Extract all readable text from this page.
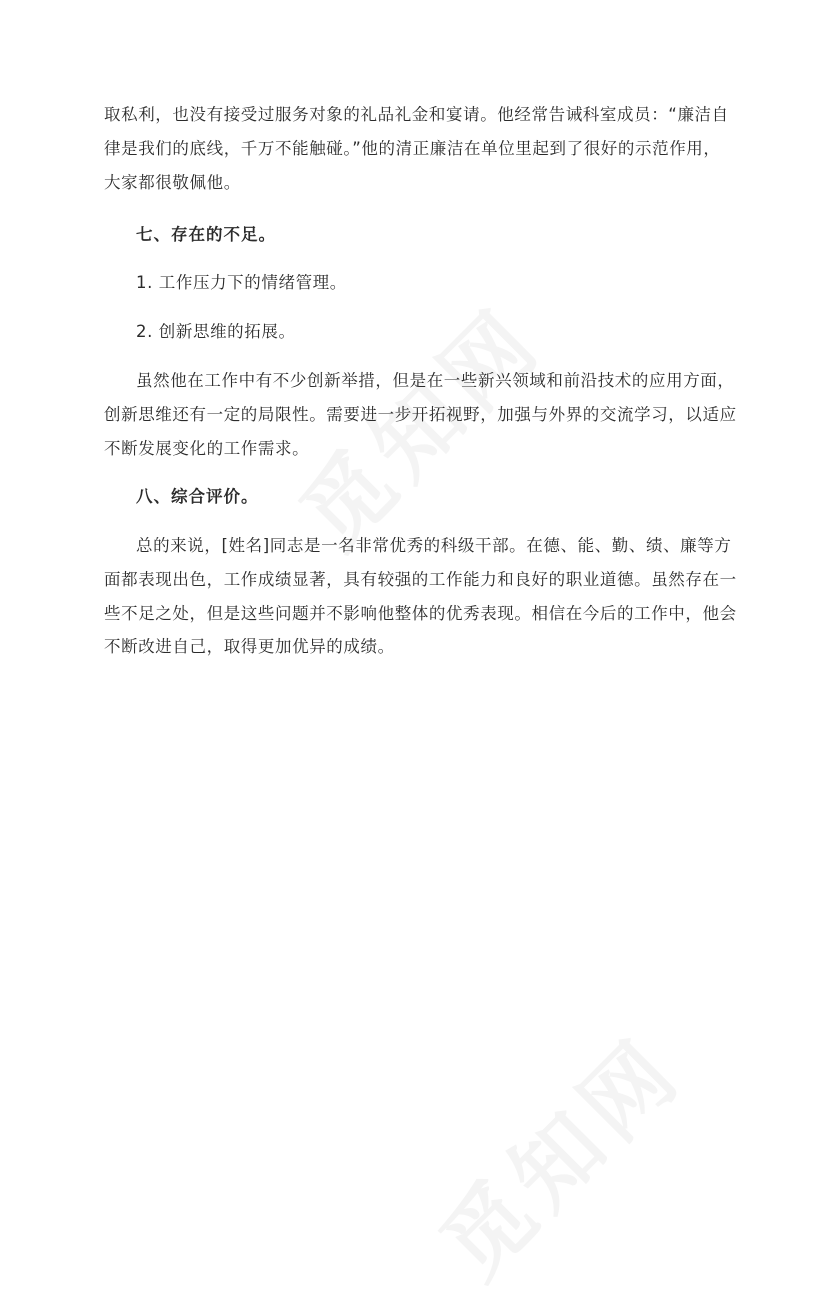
取私利，也没有接受过服务对象的礼品礼金和宴请。他经常告诫科室成员：“廉洁自
律是我们的底线，千万不能触碰。”他的清正廉洁在单位里起到了很好的示范作用，
大家都很敬佩他。
七、存在的不足。
1. 工作压力下的情绪管理。
2. 创新思维的拓展。
虽然他在工作中有不少创新举措，但是在一些新兴领域和前沿技术的应用方面，
创新思维还有一定的局限性。需要进一步开拓视野，加强与外界的交流学习，以适应
不断发展变化的工作需求。
八、综合评价。
总的来说，[姓名]同志是一名非常优秀的科级干部。在德、能、勤、绩、廉等方
面都表现出色，工作成绩显著，具有较强的工作能力和良好的职业道德。虽然存在一
些不足之处，但是这些问题并不影响他整体的优秀表现。相信在今后的工作中，他会
不断改进自己，取得更加优异的成绩。
